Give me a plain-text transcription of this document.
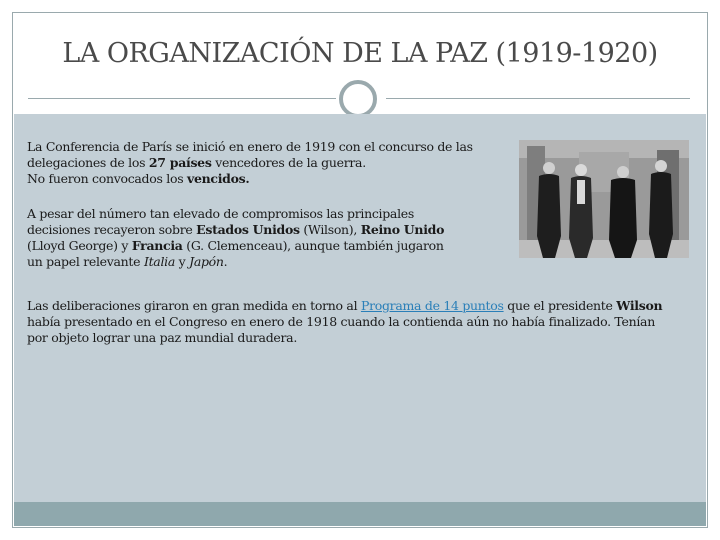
LA ORGANIZACIÓN DE LA PAZ (1919-1920)
La Conferencia de París se inició en enero de 1919 con el concurso de las
delegaciones de los 27 países vencedores de la guerra.
No fueron convocados los vencidos.
A pesar del número tan elevado de compromisos las principales
decisiones recayeron sobre Estados Unidos (Wilson), Reino Unido
(Lloyd George) y Francia (G. Clemenceau), aunque también jugaron
un papel relevante Italia y Japón.
Las deliberaciones giraron en gran medida en torno al Programa de 14 puntos que el presidente Wilson
había presentado en el Congreso en enero de 1918 cuando la contienda aún no había finalizado. Tenían
por objeto lograr una paz mundial duradera.
